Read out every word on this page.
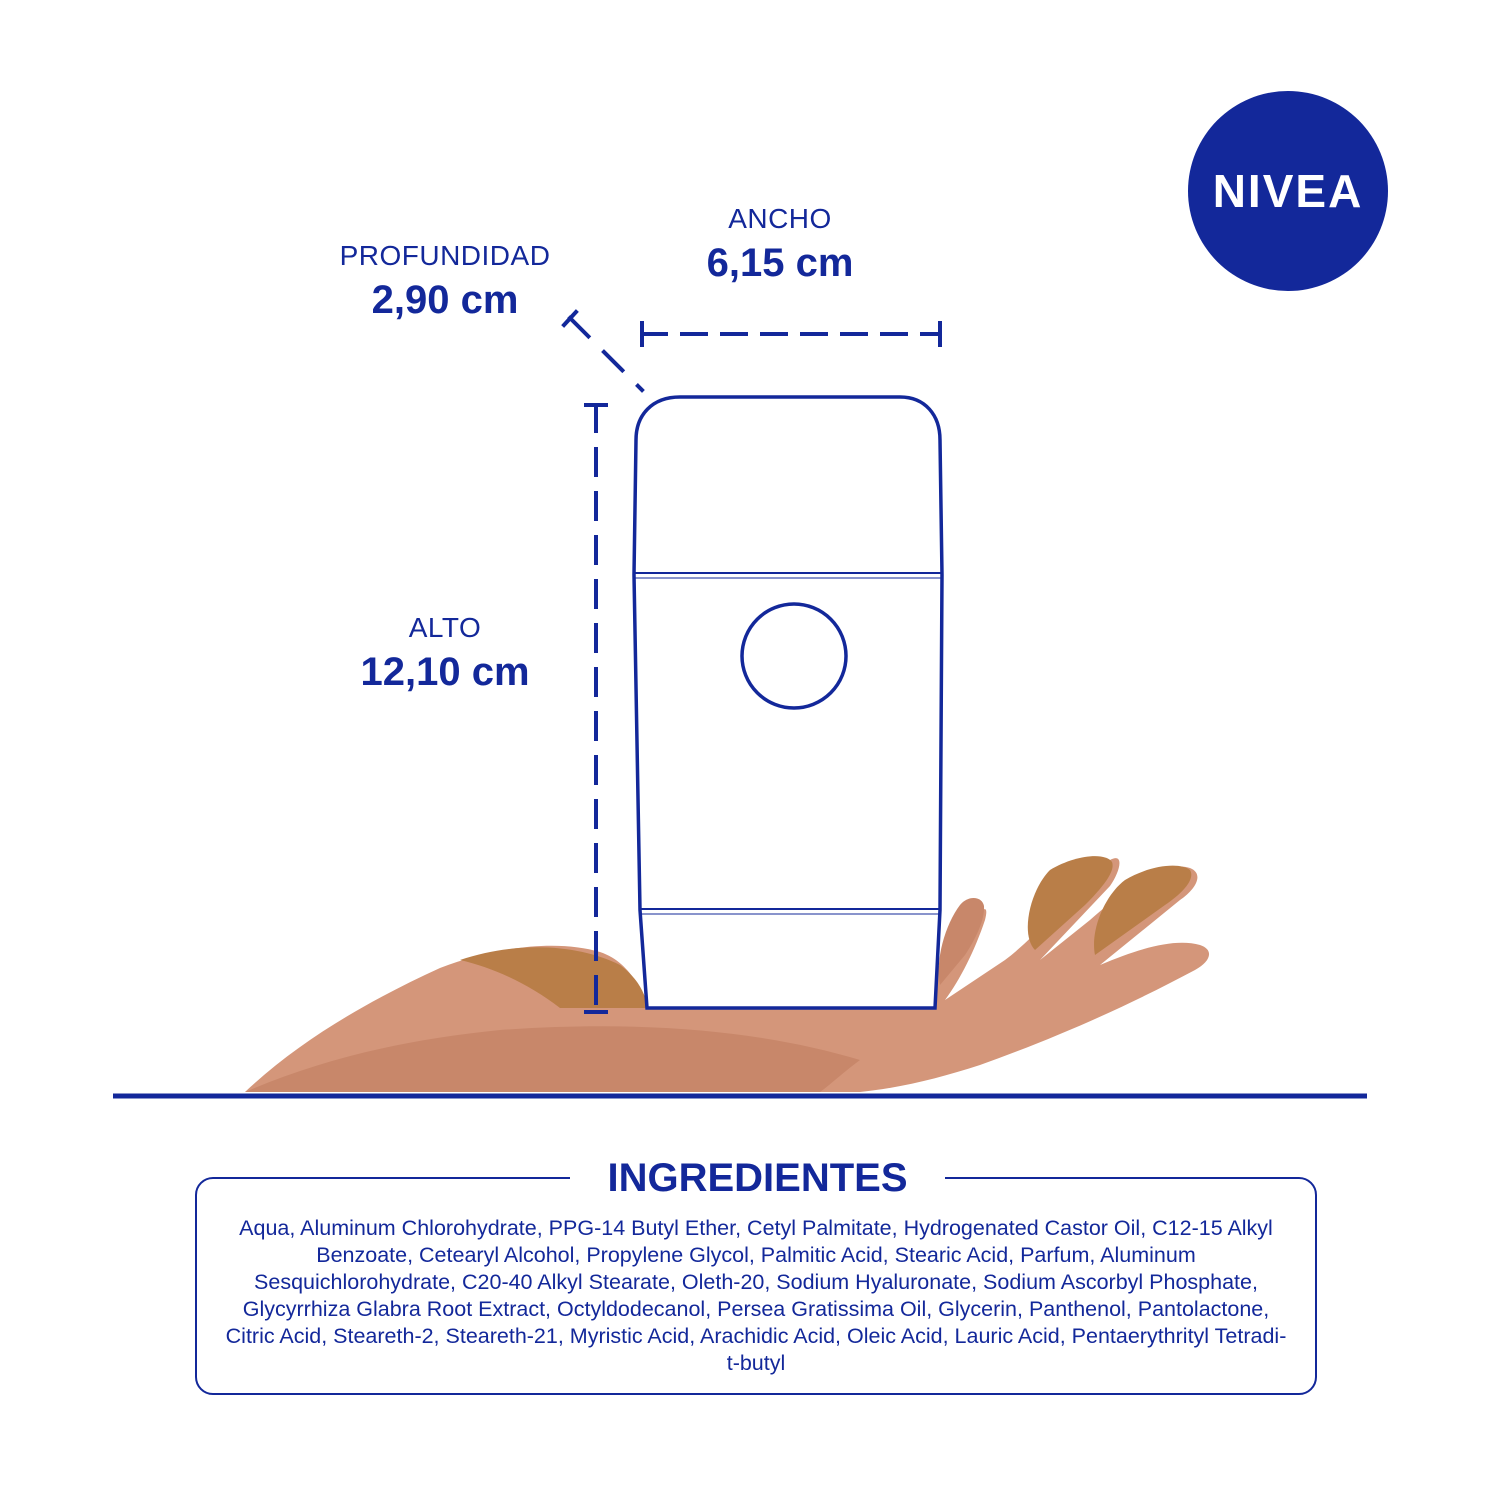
NIVEA
PROFUNDIDAD
2,90 cm
ANCHO
6,15 cm
ALTO
12,10 cm
INGREDIENTES
Aqua, Aluminum Chlorohydrate, PPG-14 Butyl Ether, Cetyl Palmitate, Hydrogenated Castor Oil, C12-15 Alkyl Benzoate, Cetearyl Alcohol, Propylene Glycol, Palmitic Acid, Stearic Acid, Parfum, Aluminum Sesquichlorohydrate, C20-40 Alkyl Stearate, Oleth-20, Sodium Hyaluronate, Sodium Ascorbyl Phosphate, Glycyrrhiza Glabra Root Extract, Octyldodecanol, Persea Gratissima Oil, Glycerin, Panthenol, Pantolactone, Citric Acid, Steareth-2, Steareth-21, Myristic Acid, Arachidic Acid, Oleic Acid, Lauric Acid, Pentaerythrityl Tetradi-t-butyl
